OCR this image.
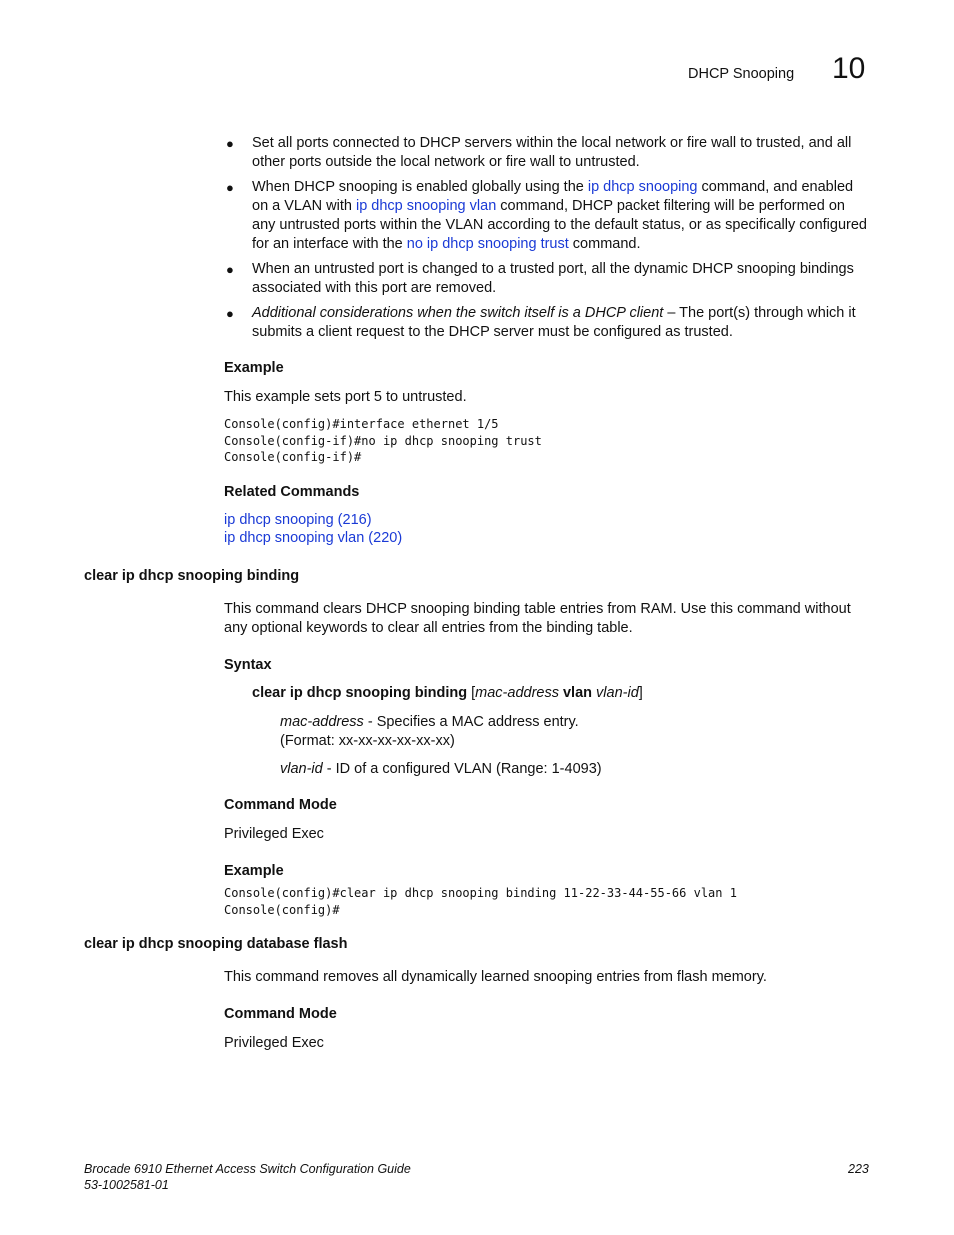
DHCP Snooping 10
● Set all ports connected to DHCP servers within the local network or fire wall to trusted, and all other ports outside the local network or fire wall to untrusted.
● When DHCP snooping is enabled globally using the ip dhcp snooping command, and enabled on a VLAN with ip dhcp snooping vlan command, DHCP packet filtering will be performed on any untrusted ports within the VLAN according to the default status, or as specifically configured for an interface with the no ip dhcp snooping trust command.
● When an untrusted port is changed to a trusted port, all the dynamic DHCP snooping bindings associated with this port are removed.
● Additional considerations when the switch itself is a DHCP client – The port(s) through which it submits a client request to the DHCP server must be configured as trusted.
Example
This example sets port 5 to untrusted.
Console(config)#interface ethernet 1/5
Console(config-if)#no ip dhcp snooping trust
Console(config-if)#
Related Commands
ip dhcp snooping (216)
ip dhcp snooping vlan (220)
clear ip dhcp snooping binding
This command clears DHCP snooping binding table entries from RAM. Use this command without any optional keywords to clear all entries from the binding table.
Syntax
clear ip dhcp snooping binding [mac-address vlan vlan-id]
mac-address - Specifies a MAC address entry.
(Format: xx-xx-xx-xx-xx-xx)
vlan-id - ID of a configured VLAN (Range: 1-4093)
Command Mode
Privileged Exec
Example
Console(config)#clear ip dhcp snooping binding 11-22-33-44-55-66 vlan 1
Console(config)#
clear ip dhcp snooping database flash
This command removes all dynamically learned snooping entries from flash memory.
Command Mode
Privileged Exec
Brocade 6910 Ethernet Access Switch Configuration Guide
53-1002581-01
223
